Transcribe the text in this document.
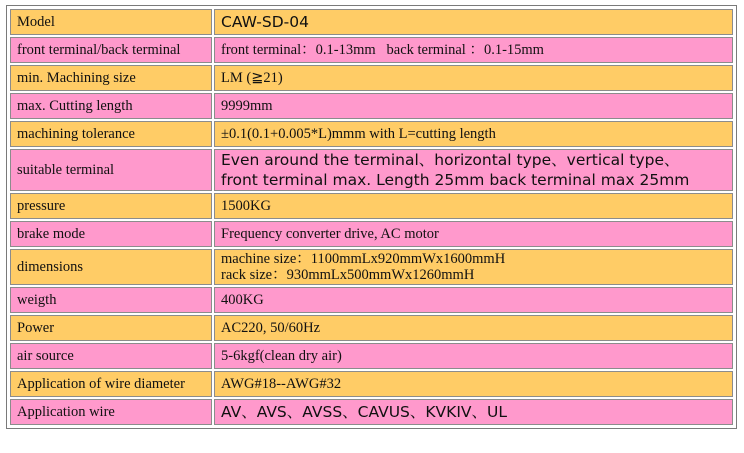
Model	CAW-SD-04

front terminal/back terminal	front terminal：0.1-13mm   back terminal ：0.1-15mm

min. Machining size	LM (≧21)

max. Cutting length	9999mm

machining tolerance	±0.1(0.1+0.005*L)mmm with L=cutting length

suitable terminal	Even around the terminal、horizontal type、vertical type、
front terminal max. Length 25mm back terminal max 25mm

pressure	1500KG

brake mode	Frequency converter drive, AC motor

dimensions	machine size：1100mmLx920mmWx1600mmH
rack size：930mmLx500mmWx1260mmH

weigth	400KG

Power	AC220, 50/60Hz

air source	5-6kgf(clean dry air)

Application of wire diameter	AWG#18--AWG#32

Application wire	AV、AVS、AVSS、CAVUS、KVKIV、UL
